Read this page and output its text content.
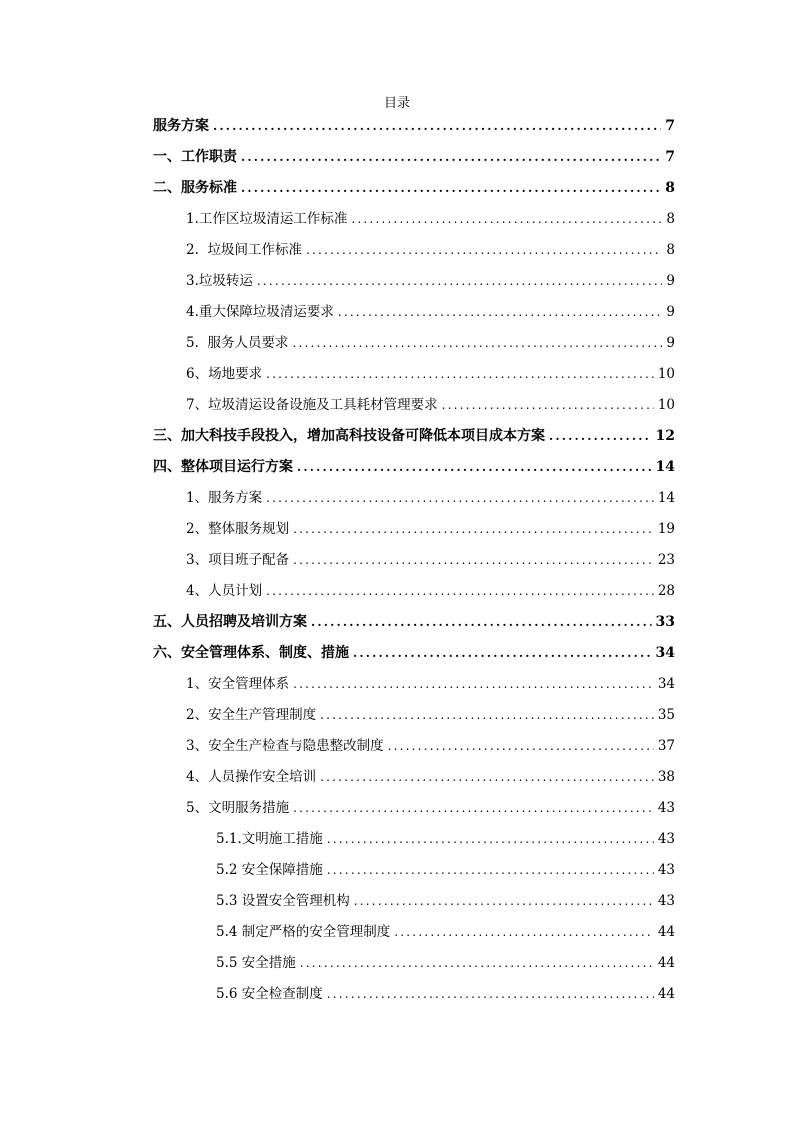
目录
服务方案 .....	7
一、工作职责 .....	7
二、服务标准 .....	8
1.工作区垃圾清运工作标准 .....	8
2.  垃圾间工作标准 .....	8
3.垃圾转运 .....	9
4.重大保障垃圾清运要求 .....	9
5.  服务人员要求 .....	9
6、场地要求 .....	10
7、垃圾清运设备设施及工具耗材管理要求 .....	10
三、加大科技手段投入，增加高科技设备可降低本项目成本方案 .....	12
四、整体项目运行方案 .....	14
1、服务方案 .....	14
2、整体服务规划 .....	19
3、项目班子配备 .....	23
4、人员计划 .....	28
五、人员招聘及培训方案 .....	33
六、安全管理体系、制度、措施 .....	34
1、安全管理体系 .....	34
2、安全生产管理制度 .....	35
3、安全生产检查与隐患整改制度 .....	37
4、人员操作安全培训 .....	38
5、文明服务措施 .....	43
5.1.文明施工措施 .....	43
5.2 安全保障措施 .....	43
5.3 设置安全管理机构 .....	43
5.4 制定严格的安全管理制度 .....	44
5.5 安全措施 .....	44
5.6 安全检查制度 .....	44
